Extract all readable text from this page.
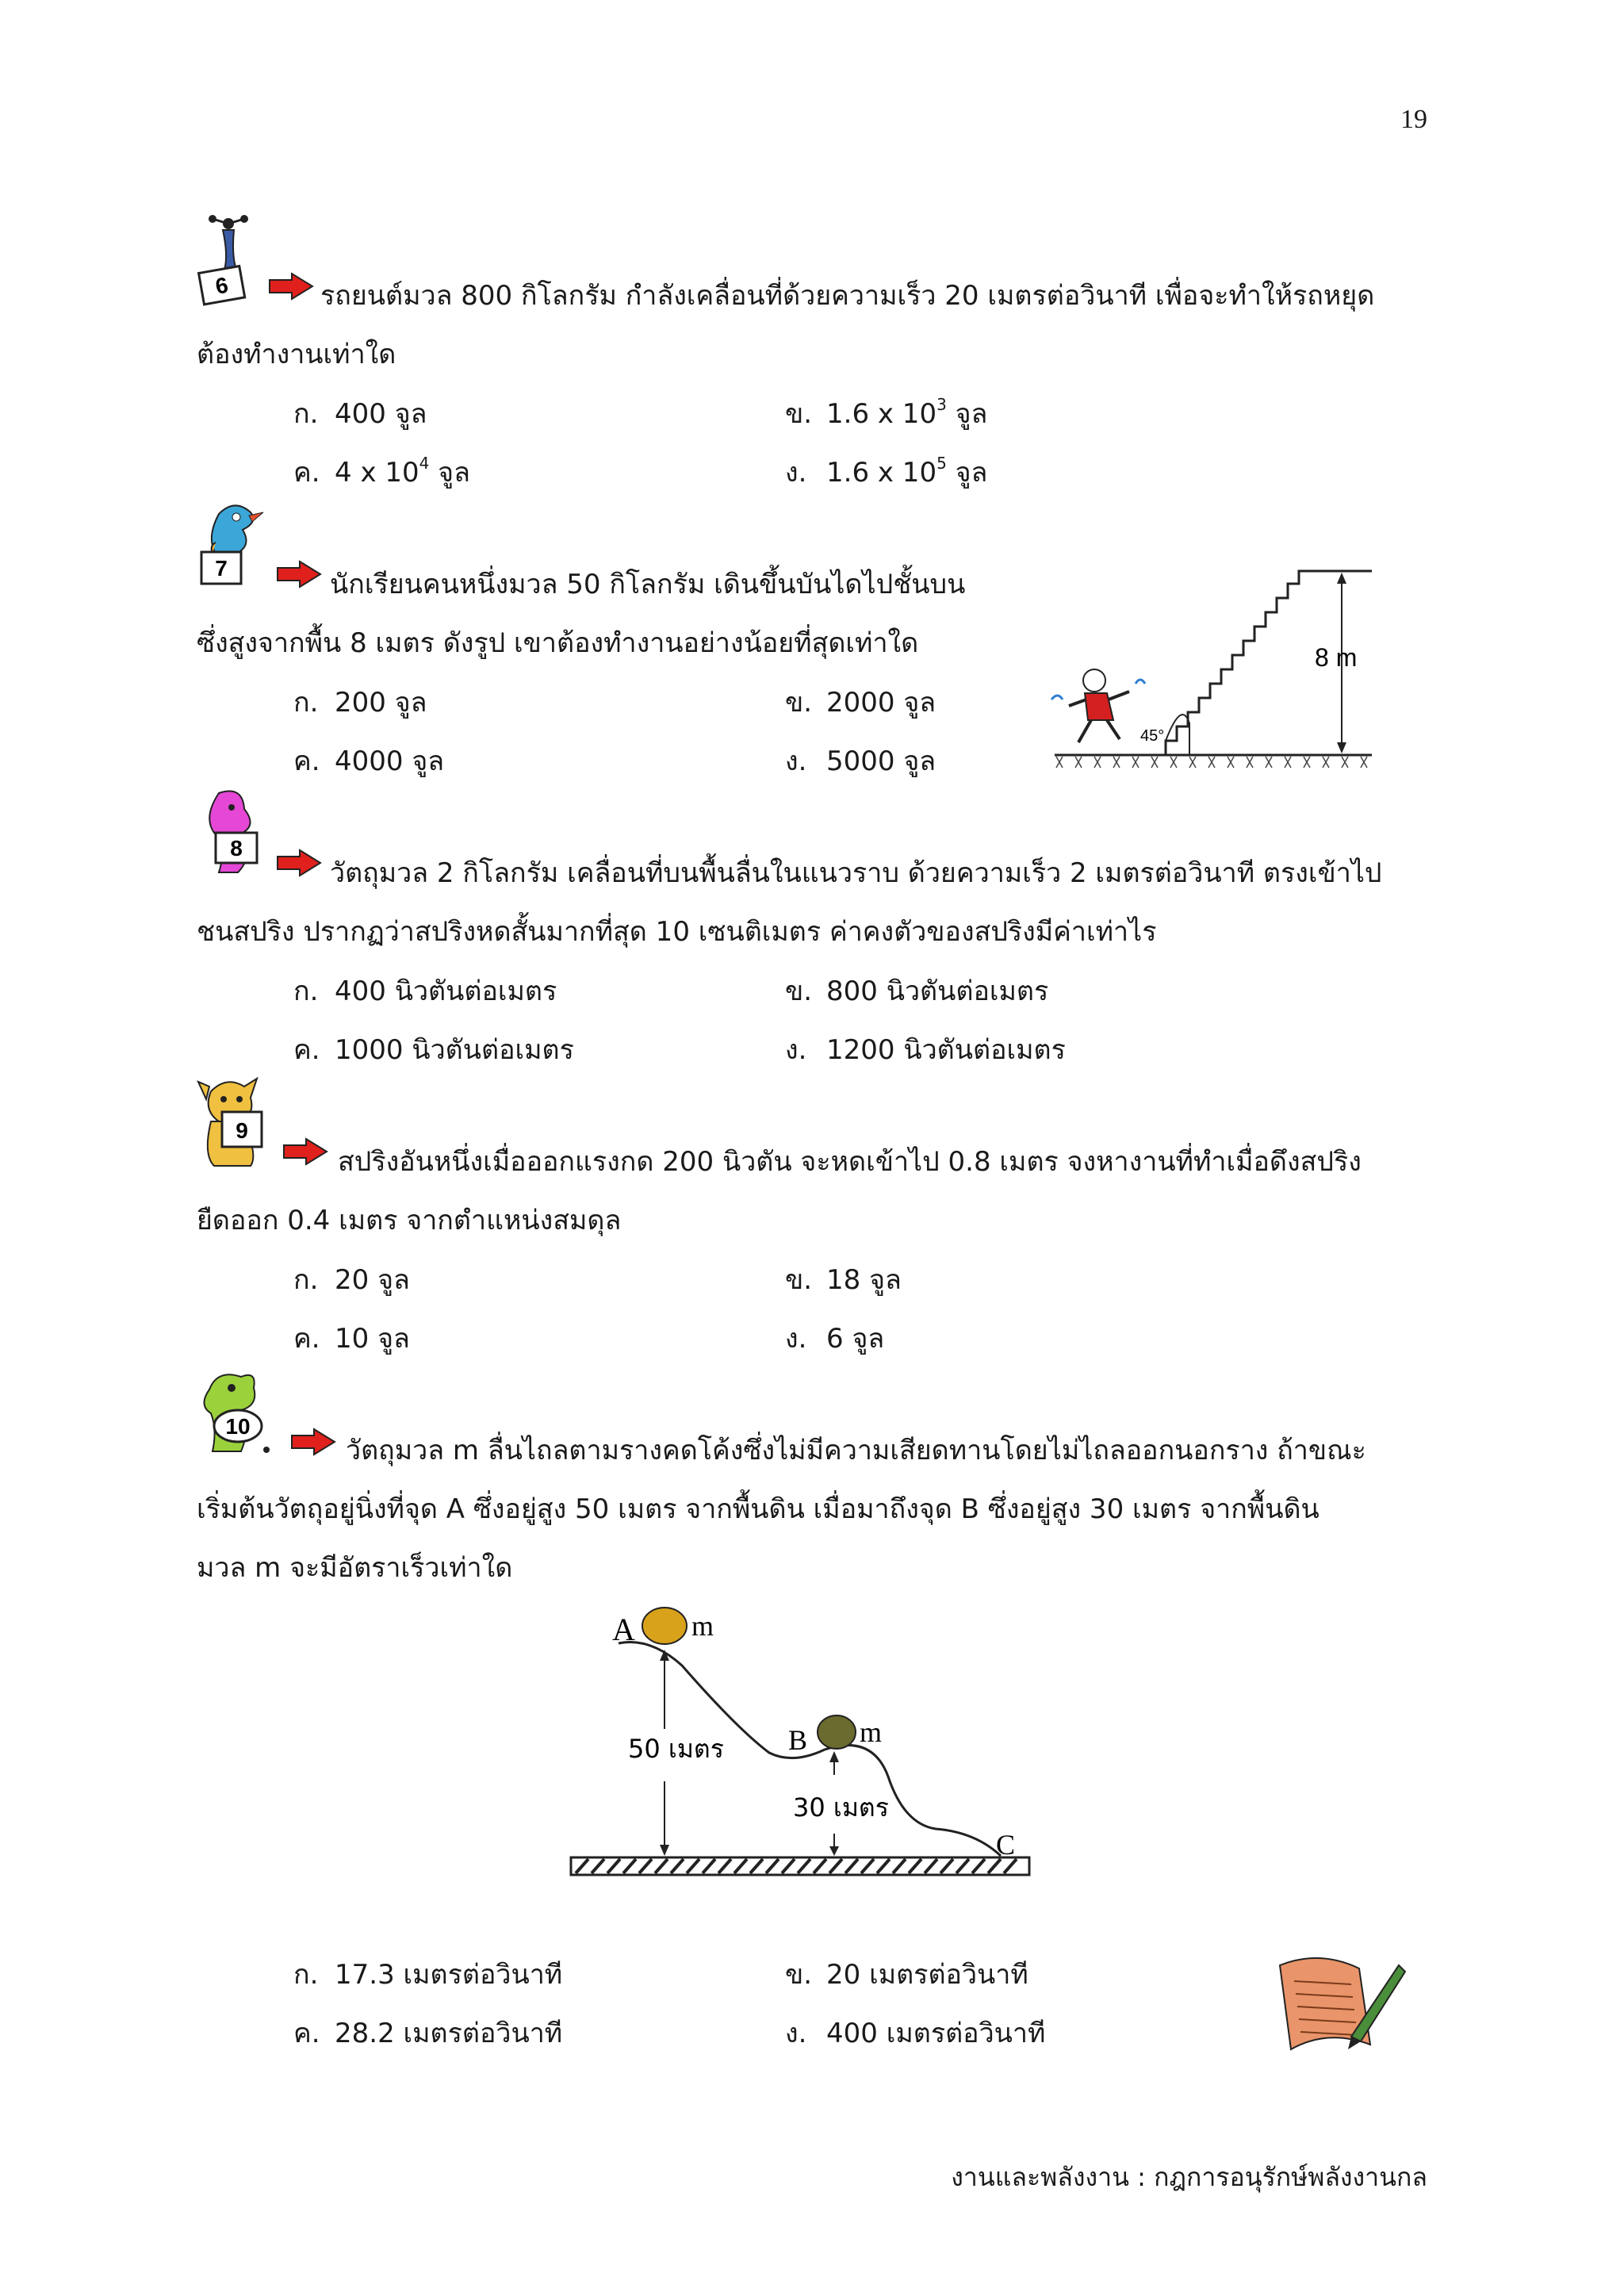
19
6	รถยนต์มวล 800 กิโลกรัม กำลังเคลื่อนที่ด้วยความเร็ว 20 เมตรต่อวินาที เพื่อจะทำให้รถหยุด
ต้องทำงานเท่าใด
ก. 400 จูล	ข. 1.6 x $10^3$ จูล
ค. 4 x $10^4$ จูล	ง. 1.6 x $10^5$ จูล
7
นักเรียนคนหนึ่งมวล 50 กิโลกรัม เดินขึ้นบันไดไปชั้นบน
ซึ่งสูงจากพื้น 8 เมตร ดังรูป เขาต้องทำงานอย่างน้อยที่สุดเท่าใด
ก. 200 จูล	ข. 2000 จูล
ค. 4000 จูล	ง. 5000 จูล
8 m
45°
8
วัตถุมวล 2 กิโลกรัม เคลื่อนที่บนพื้นลื่นในแนวราบ ด้วยความเร็ว 2 เมตรต่อวินาที ตรงเข้าไป
ชนสปริง ปรากฏว่าสปริงหดสั้นมากที่สุด 10 เซนติเมตร ค่าคงตัวของสปริงมีค่าเท่าไร
ก. 400 นิวตันต่อเมตร	ข. 800 นิวตันต่อเมตร
ค. 1000 นิวตันต่อเมตร	ง. 1200 นิวตันต่อเมตร
9
สปริงอันหนึ่งเมื่อออกแรงกด 200 นิวตัน จะหดเข้าไป 0.8 เมตร จงหางานที่ทำเมื่อดึงสปริง
ยืดออก 0.4 เมตร จากตำแหน่งสมดุล
ก. 20 จูล	ข. 18 จูล
ค. 10 จูล	ง. 6 จูล
10
วัตถุมวล m ลื่นไถลตามรางคดโค้งซึ่งไม่มีความเสียดทานโดยไม่ไถลออกนอกราง ถ้าขณะ
เริ่มต้นวัตถุอยู่นิ่งที่จุด A ซึ่งอยู่สูง 50 เมตร จากพื้นดิน เมื่อมาถึงจุด B ซึ่งอยู่สูง 30 เมตร จากพื้นดิน
มวล m จะมีอัตราเร็วเท่าใด
A m
B m
C
50 เมตร
30 เมตร
ก. 17.3 เมตรต่อวินาที	ข. 20 เมตรต่อวินาที
ค. 28.2 เมตรต่อวินาที	ง. 400 เมตรต่อวินาที
งานและพลังงาน : กฎการอนุรักษ์พลังงานกล
